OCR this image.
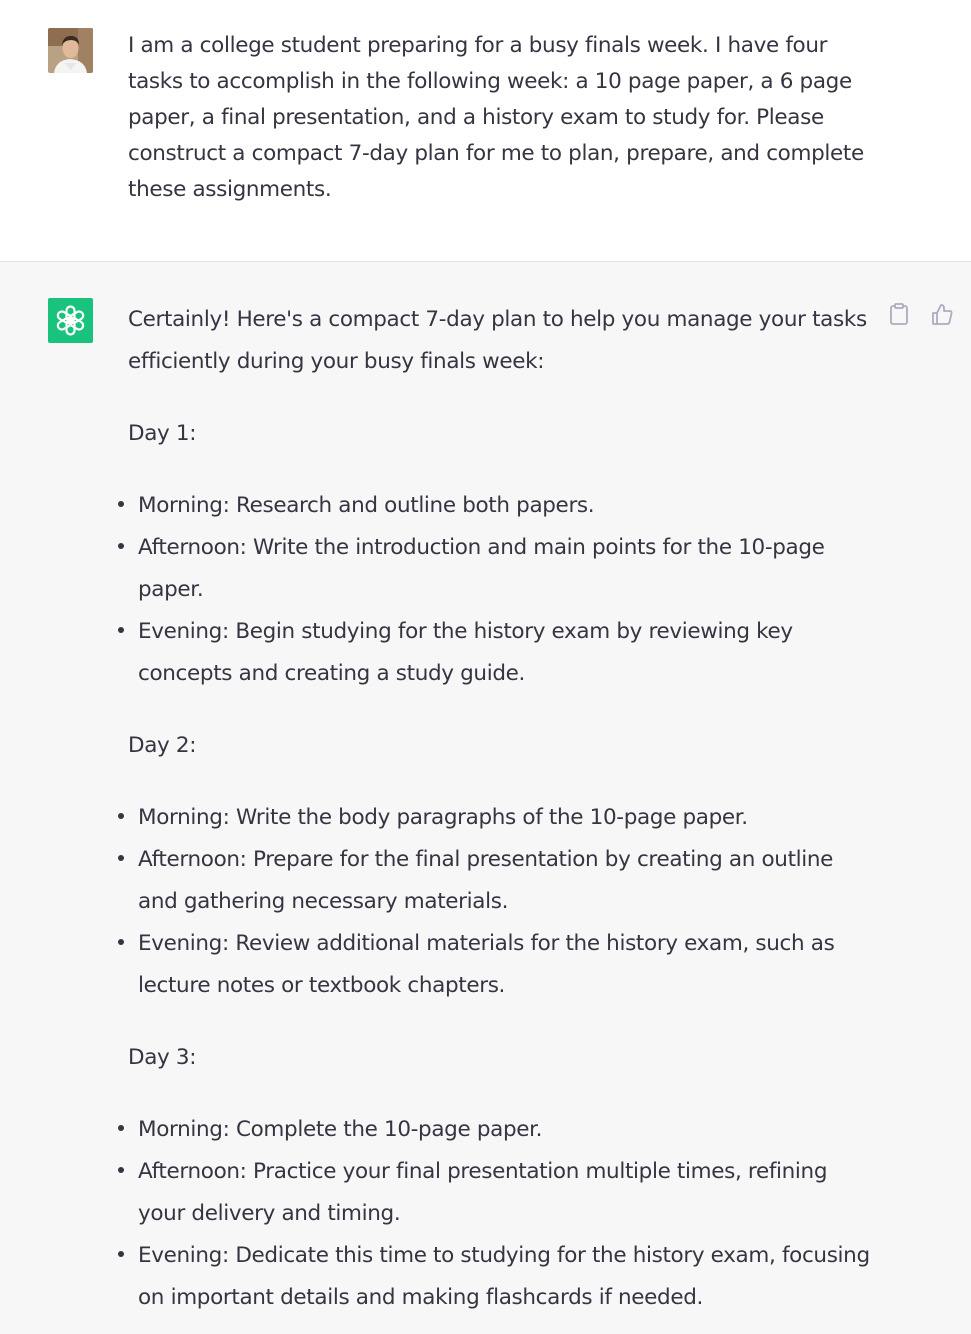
I am a college student preparing for a busy finals week. I have four tasks to accomplish in the following week: a 10 page paper, a 6 page paper, a final presentation, and a history exam to study for. Please construct a compact 7-day plan for me to plan, prepare, and complete these assignments.

Certainly! Here's a compact 7-day plan to help you manage your tasks efficiently during your busy finals week:

Day 1:

Morning: Research and outline both papers.
Afternoon: Write the introduction and main points for the 10-page paper.
Evening: Begin studying for the history exam by reviewing key concepts and creating a study guide.

Day 2:

Morning: Write the body paragraphs of the 10-page paper.
Afternoon: Prepare for the final presentation by creating an outline and gathering necessary materials.
Evening: Review additional materials for the history exam, such as lecture notes or textbook chapters.

Day 3:

Morning: Complete the 10-page paper.
Afternoon: Practice your final presentation multiple times, refining your delivery and timing.
Evening: Dedicate this time to studying for the history exam, focusing on important details and making flashcards if needed.
